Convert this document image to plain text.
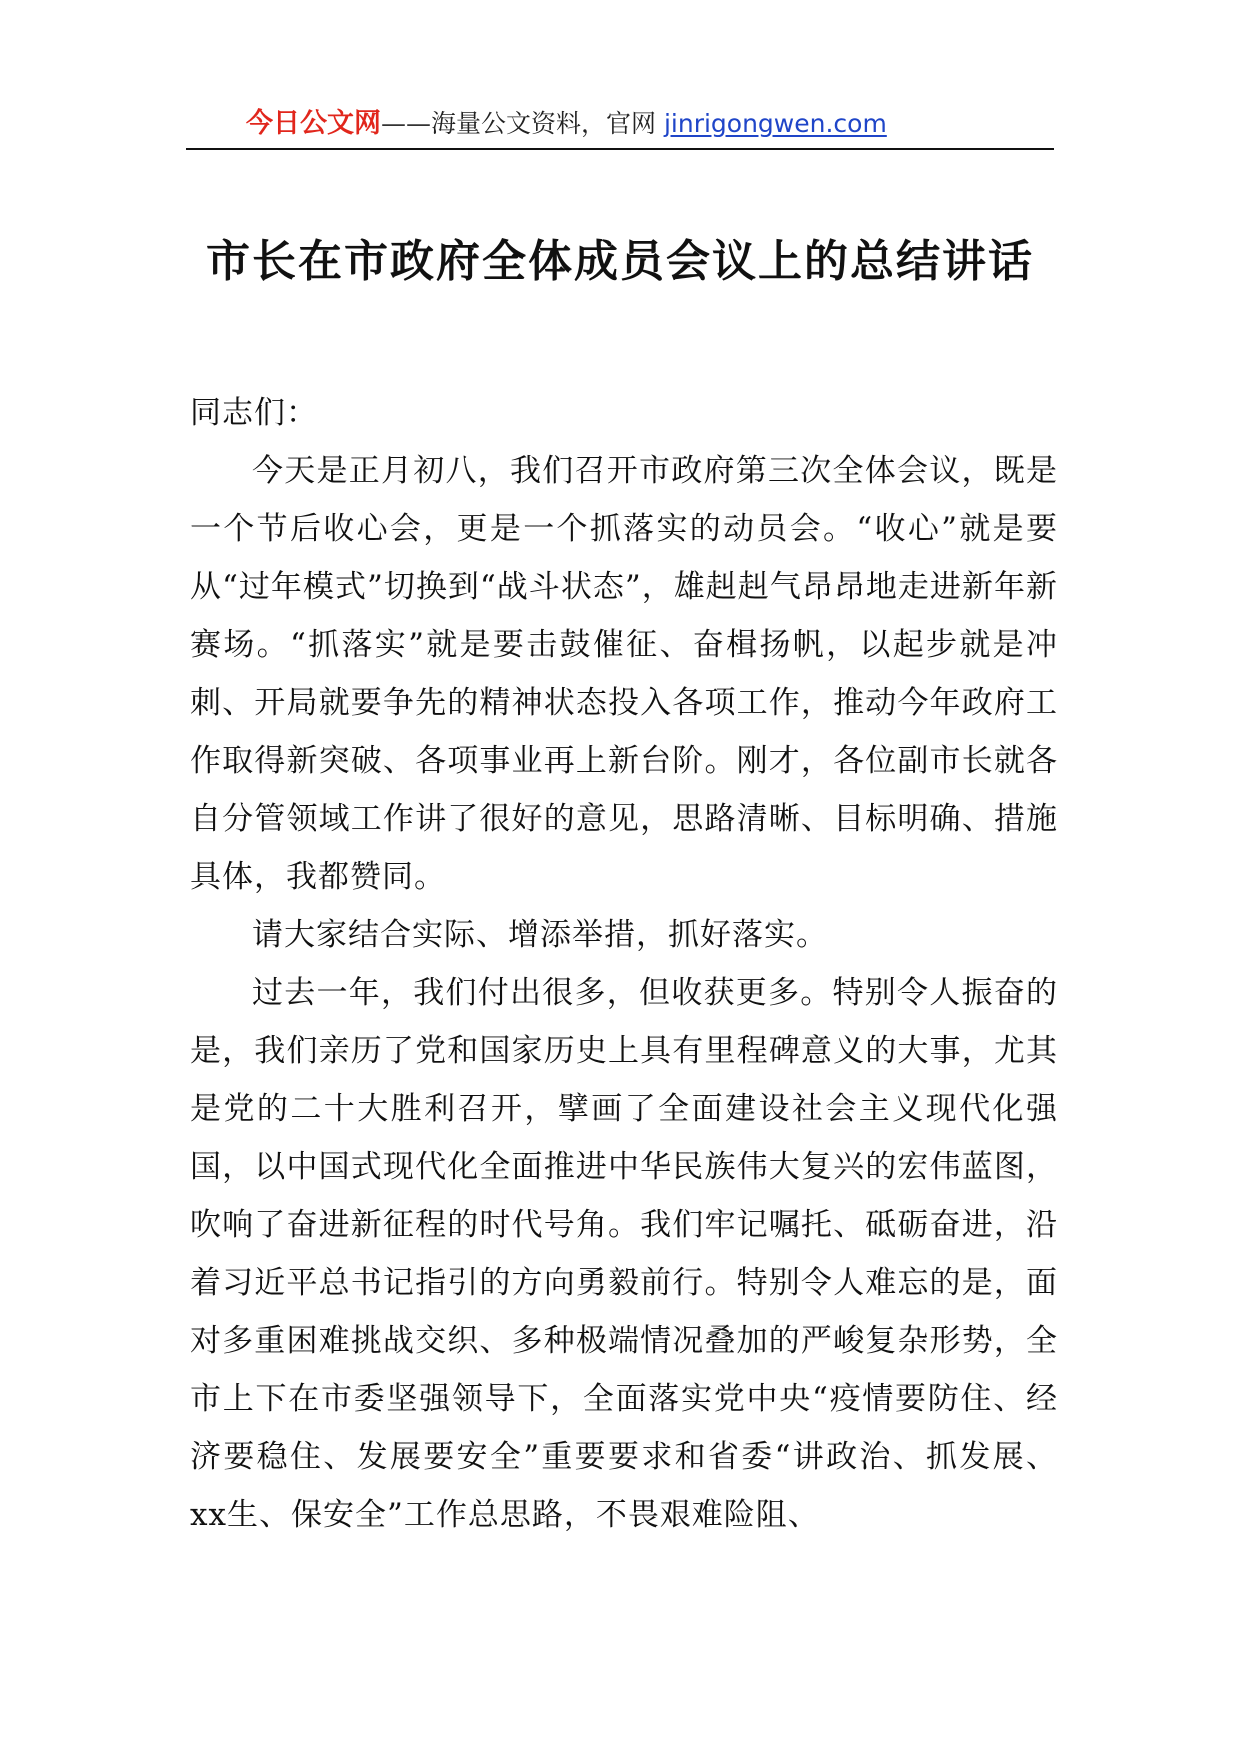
今日公文网——海量公文资料，官网 jinrigongwen.com
市长在市政府全体成员会议上的总结讲话

同志们：

今天是正月初八，我们召开市政府第三次全体会议，既是一个节后收心会，更是一个抓落实的动员会。“收心”就是要从“过年模式”切换到“战斗状态”，雄赳赳气昂昂地走进新年新赛场。“抓落实”就是要击鼓催征、奋楫扬帆，以起步就是冲刺、开局就要争先的精神状态投入各项工作，推动今年政府工作取得新突破、各项事业再上新台阶。刚才，各位副市长就各自分管领域工作讲了很好的意见，思路清晰、目标明确、措施具体，我都赞同。

请大家结合实际、增添举措，抓好落实。

过去一年，我们付出很多，但收获更多。特别令人振奋的是，我们亲历了党和国家历史上具有里程碑意义的大事，尤其是党的二十大胜利召开，擘画了全面建设社会主义现代化强国，以中国式现代化全面推进中华民族伟大复兴的宏伟蓝图，吹响了奋进新征程的时代号角。我们牢记嘱托、砥砺奋进，沿着习近平总书记指引的方向勇毅前行。特别令人难忘的是，面对多重困难挑战交织、多种极端情况叠加的严峻复杂形势，全市上下在市委坚强领导下，全面落实党中央“疫情要防住、经济要稳住、发展要安全”重要要求和省委“讲政治、抓发展、xx生、保安全”工作总思路，不畏艰难险阻、
